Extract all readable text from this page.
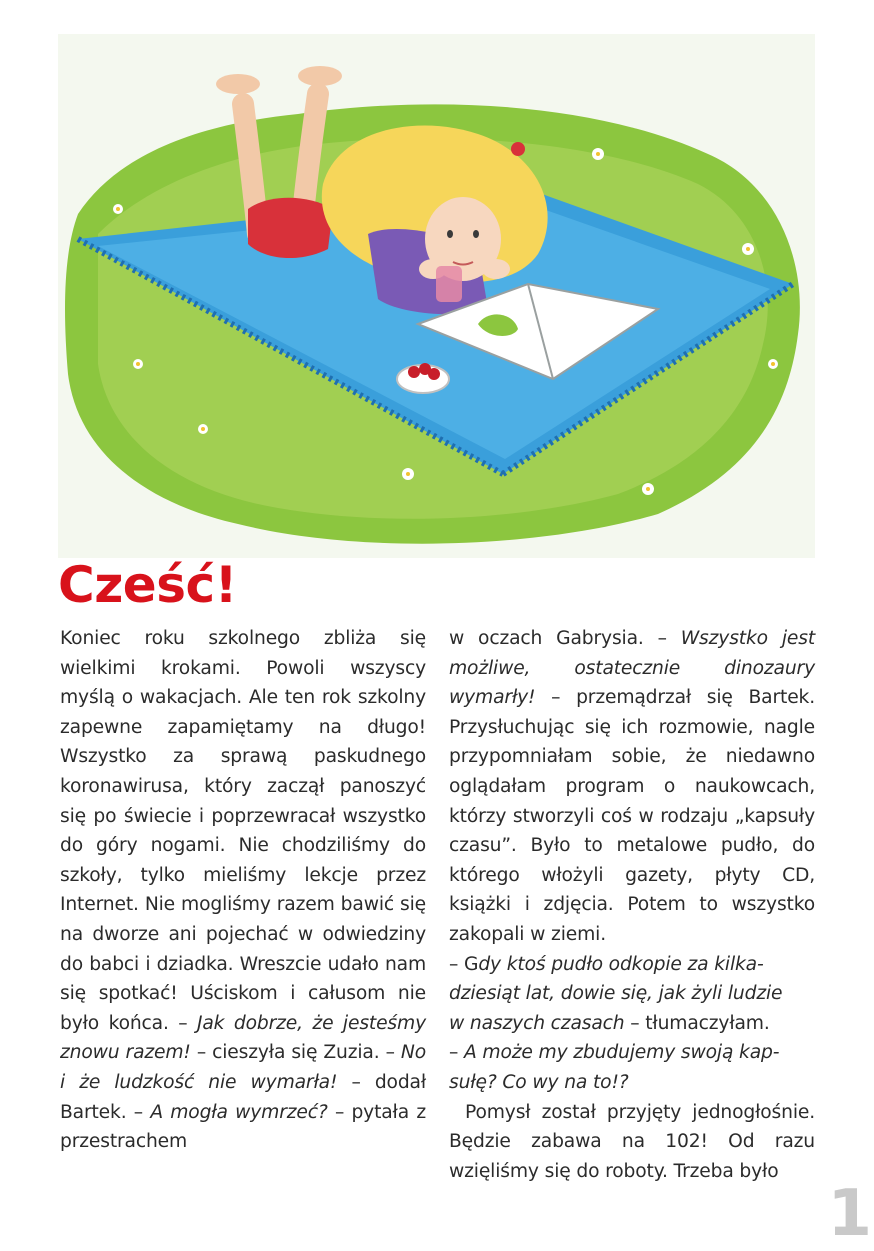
Cześć!

Koniec roku szkolnego zbliża się wielkimi krokami. Powoli wszyscy myślą o wakacjach. Ale ten rok szkolny zapewne zapamiętamy na długo! Wszystko za sprawą paskudnego koronawirusa, który zaczął panoszyć się po świecie i poprzewracał wszystko do góry nogami. Nie chodziliśmy do szkoły, tylko mieliśmy lekcje przez Internet. Nie mogliśmy razem bawić się na dworze ani pojechać w odwiedziny do babci i dziadka. Wreszcie udało nam się spotkać! Uściskom i całusom nie było końca. – Jak dobrze, że jesteśmy znowu razem! – cieszyła się Zuzia. – No i że ludzkość nie wymarła! – dodał Bartek. – A mogła wymrzeć? – pytała z przestrachem

w oczach Gabrysia. – Wszystko jest możliwe, ostatecznie dinozaury wymarły! – przemądrzał się Bartek. Przysłuchując się ich rozmowie, nagle przypomniałam sobie, że niedawno oglądałam program o naukowcach, którzy stworzyli coś w rodzaju „kapsuły czasu”. Było to metalowe pudło, do którego włożyli gazety, płyty CD, książki i zdjęcia. Potem to wszystko zakopali w ziemi.
– Gdy ktoś pudło odkopie za kilka-
dziesiąt lat, dowie się, jak żyli ludzie
w naszych czasach – tłumaczyłam.
– A może my zbudujemy swoją kap-
sułę? Co wy na to!?

Pomysł został przyjęty jednogłośnie. Będzie zabawa na 102! Od razu wzięliśmy się do roboty. Trzeba było

1
